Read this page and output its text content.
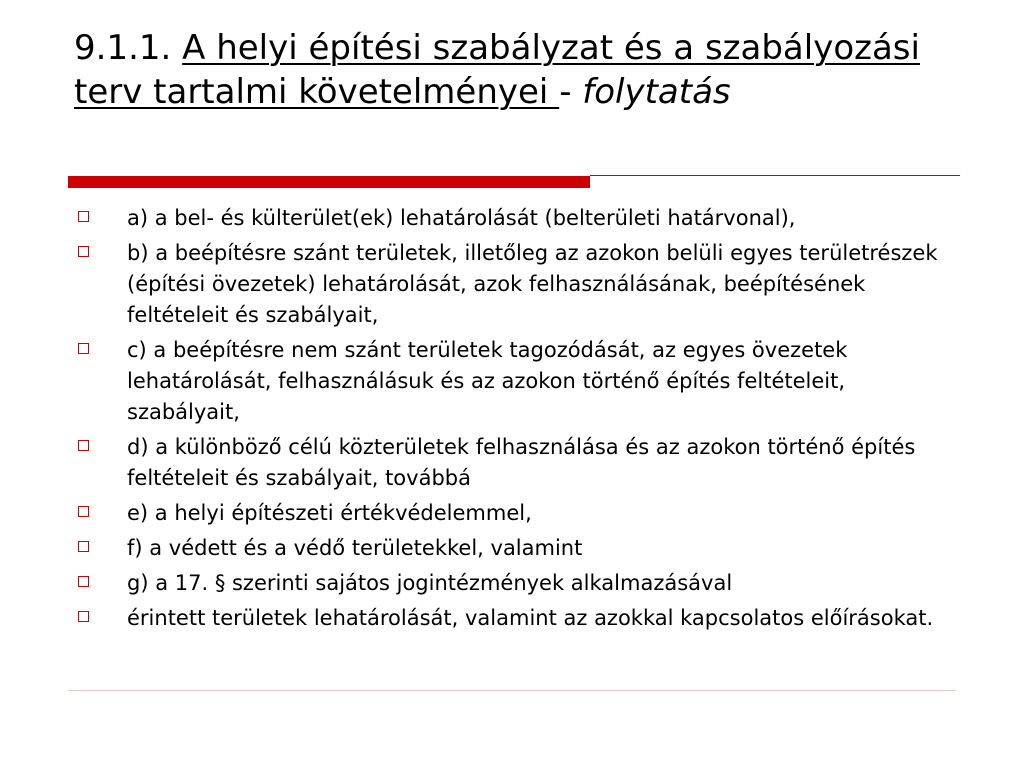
9.1.1. A helyi építési szabályzat és a szabályozási terv tartalmi követelményei - folytatás
a) a bel- és külterület(ek) lehatárolását (belterületi határvonal),
b) a beépítésre szánt területek, illetőleg az azokon belüli egyes területrészek (építési övezetek) lehatárolását, azok felhasználásának, beépítésének feltételeit és szabályait,
c) a beépítésre nem szánt területek tagozódását, az egyes övezetek lehatárolását, felhasználásuk és az azokon történő építés feltételeit, szabályait,
d) a különböző célú közterületek felhasználása és az azokon történő építés feltételeit és szabályait, továbbá
e) a helyi építészeti értékvédelemmel,
f) a védett és a védő területekkel, valamint
g) a 17. § szerinti sajátos jogintézmények alkalmazásával
érintett területek lehatárolását, valamint az azokkal kapcsolatos előírásokat.
